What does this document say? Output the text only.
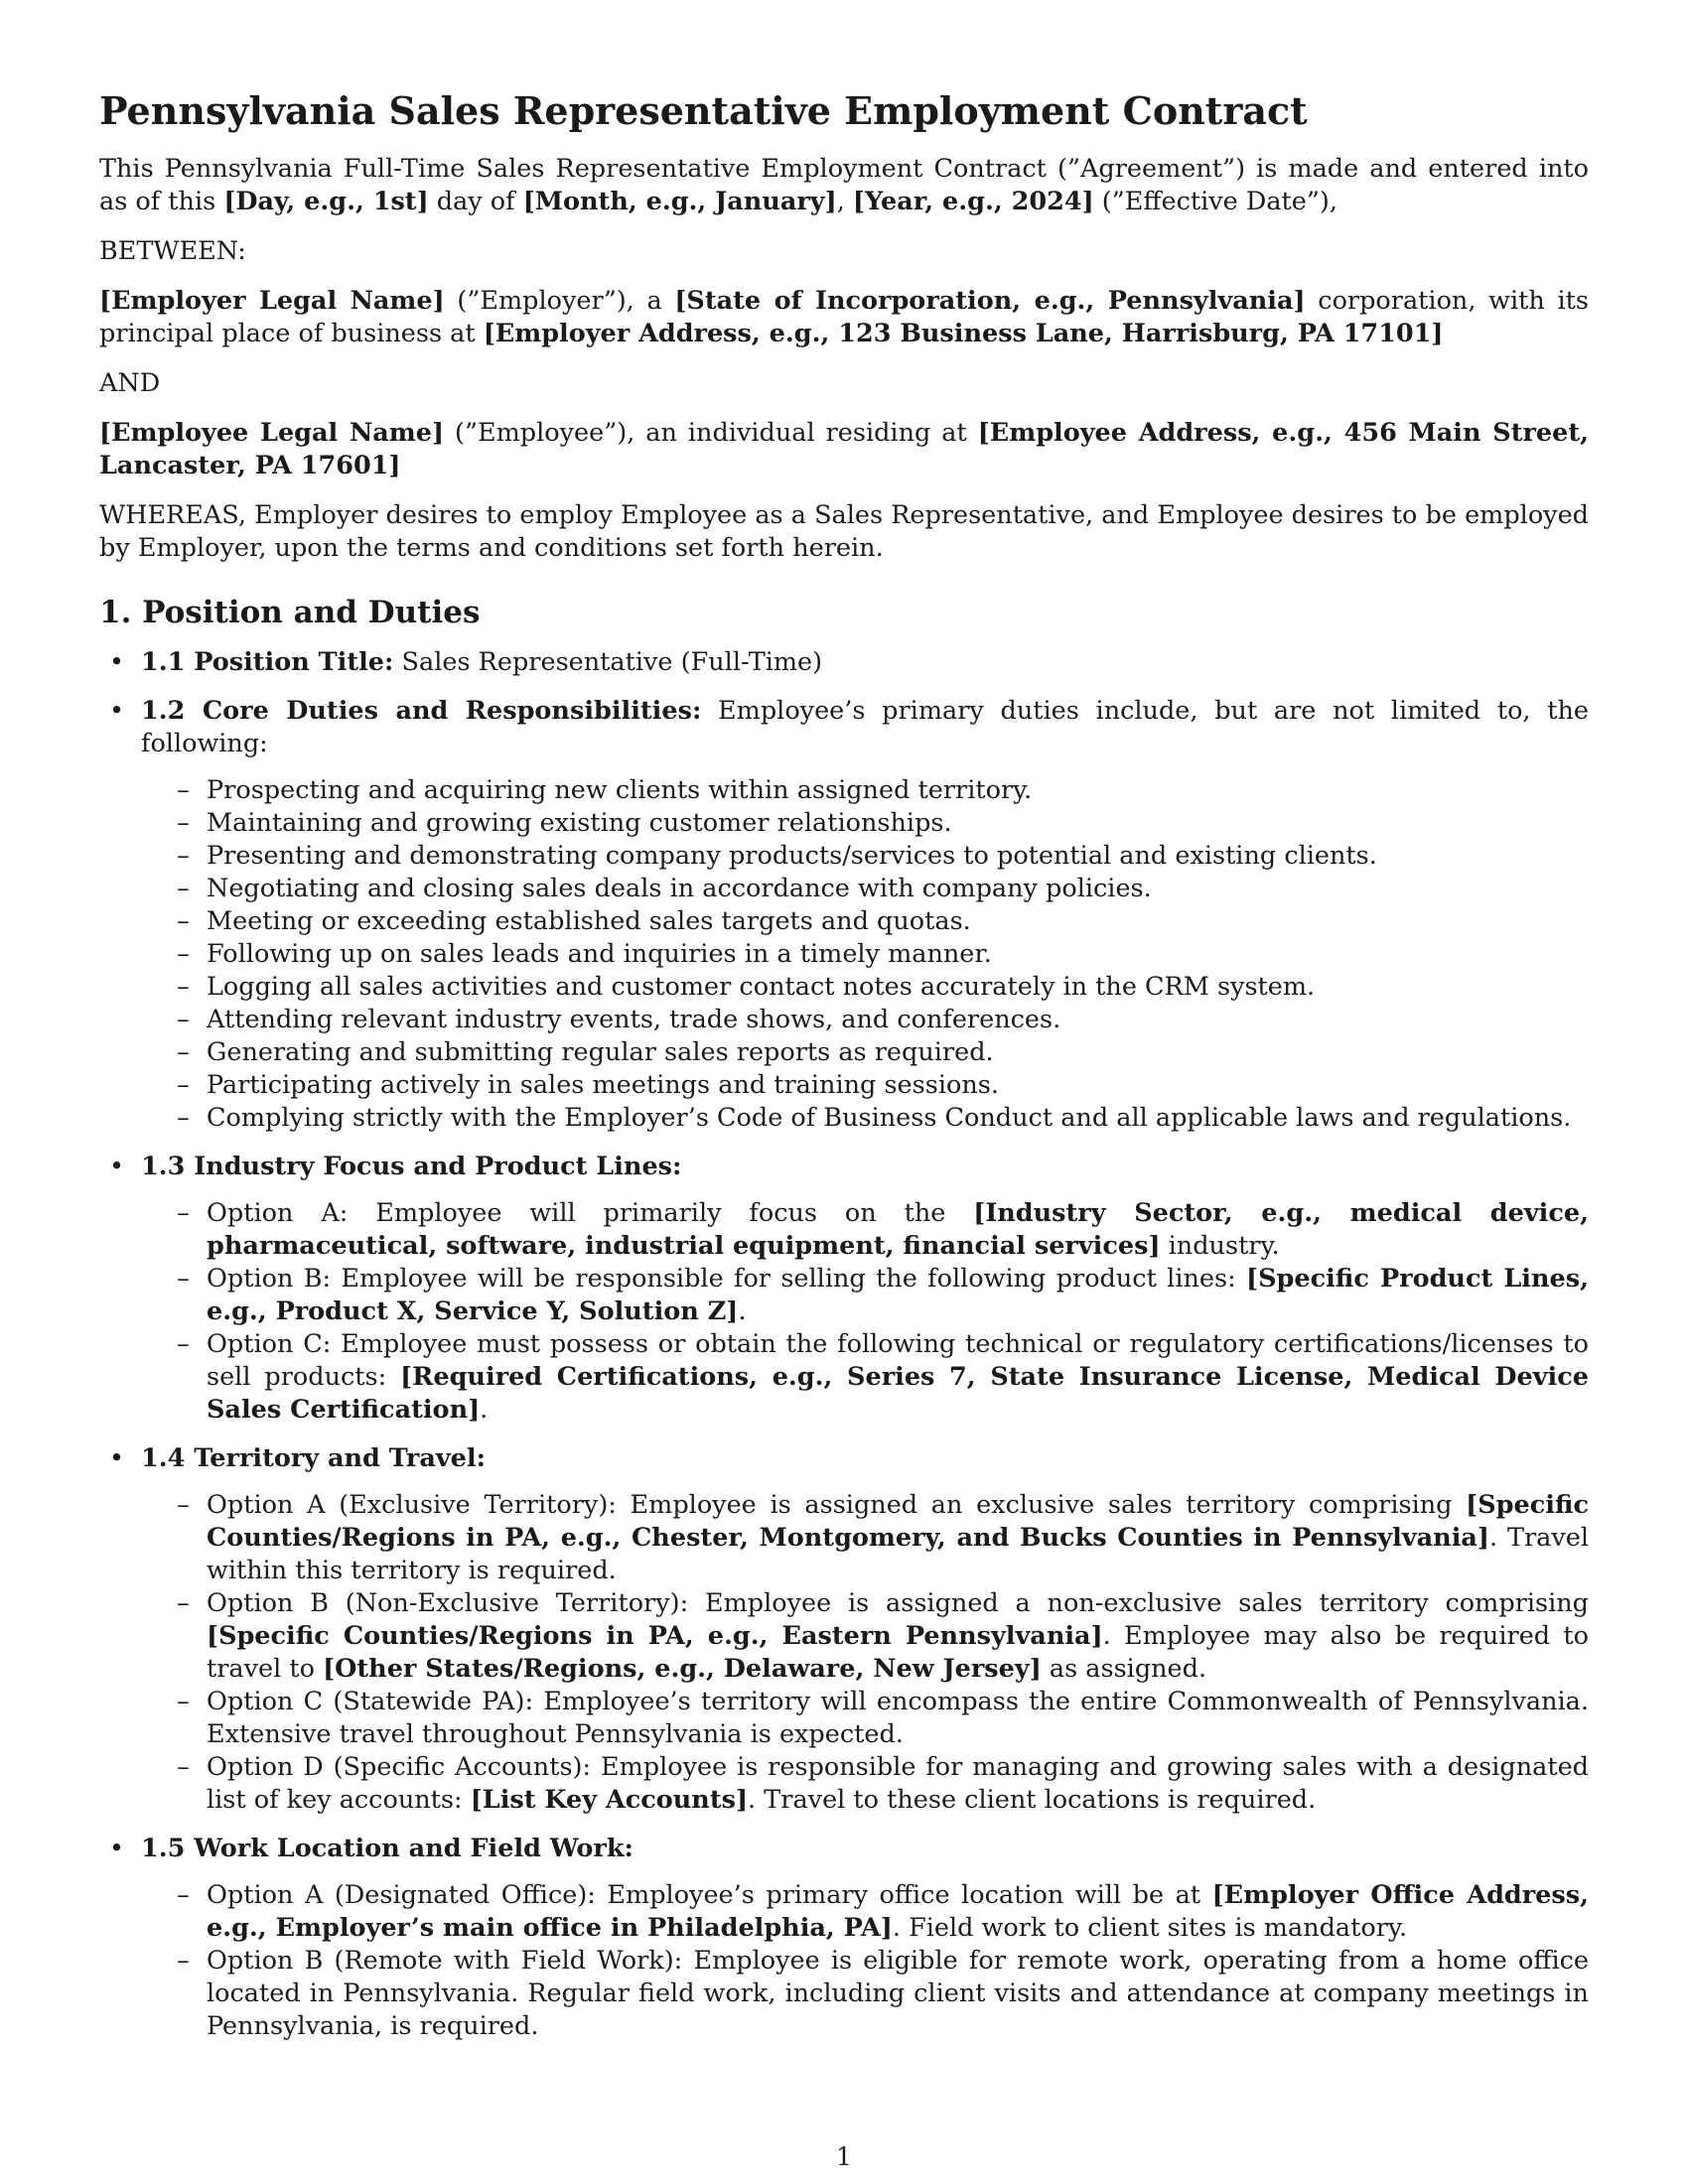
Pennsylvania Sales Representative Employment Contract

This Pennsylvania Full-Time Sales Representative Employment Contract (”Agreement”) is made and entered into as of this [Day, e.g., 1st] day of [Month, e.g., January], [Year, e.g., 2024] (”Effective Date”),

BETWEEN:

[Employer Legal Name] (”Employer”), a [State of Incorporation, e.g., Pennsylvania] corporation, with its principal place of business at [Employer Address, e.g., 123 Business Lane, Harrisburg, PA 17101]

AND

[Employee Legal Name] (”Employee”), an individual residing at [Employee Address, e.g., 456 Main Street, Lancaster, PA 17601]

WHEREAS, Employer desires to employ Employee as a Sales Representative, and Employee desires to be employed by Employer, upon the terms and conditions set forth herein.

1. Position and Duties
• 1.1 Position Title: Sales Representative (Full-Time)
• 1.2 Core Duties and Responsibilities: Employee’s primary duties include, but are not limited to, the following:
– Prospecting and acquiring new clients within assigned territory.
– Maintaining and growing existing customer relationships.
– Presenting and demonstrating company products/services to potential and existing clients.
– Negotiating and closing sales deals in accordance with company policies.
– Meeting or exceeding established sales targets and quotas.
– Following up on sales leads and inquiries in a timely manner.
– Logging all sales activities and customer contact notes accurately in the CRM system.
– Attending relevant industry events, trade shows, and conferences.
– Generating and submitting regular sales reports as required.
– Participating actively in sales meetings and training sessions.
– Complying strictly with the Employer’s Code of Business Conduct and all applicable laws and regulations.
• 1.3 Industry Focus and Product Lines:
– Option A: Employee will primarily focus on the [Industry Sector, e.g., medical device, pharmaceutical, software, industrial equipment, financial services] industry.
– Option B: Employee will be responsible for selling the following product lines: [Specific Product Lines, e.g., Product X, Service Y, Solution Z].
– Option C: Employee must possess or obtain the following technical or regulatory certifications/licenses to sell products: [Required Certifications, e.g., Series 7, State Insurance License, Medical Device Sales Certification].
• 1.4 Territory and Travel:
– Option A (Exclusive Territory): Employee is assigned an exclusive sales territory comprising [Specific Counties/Regions in PA, e.g., Chester, Montgomery, and Bucks Counties in Pennsylvania]. Travel within this territory is required.
– Option B (Non-Exclusive Territory): Employee is assigned a non-exclusive sales territory comprising [Specific Counties/Regions in PA, e.g., Eastern Pennsylvania]. Employee may also be required to travel to [Other States/Regions, e.g., Delaware, New Jersey] as assigned.
– Option C (Statewide PA): Employee’s territory will encompass the entire Commonwealth of Pennsylvania. Extensive travel throughout Pennsylvania is expected.
– Option D (Specific Accounts): Employee is responsible for managing and growing sales with a designated list of key accounts: [List Key Accounts]. Travel to these client locations is required.
• 1.5 Work Location and Field Work:
– Option A (Designated Office): Employee’s primary office location will be at [Employer Office Address, e.g., Employer’s main office in Philadelphia, PA]. Field work to client sites is mandatory.
– Option B (Remote with Field Work): Employee is eligible for remote work, operating from a home office located in Pennsylvania. Regular field work, including client visits and attendance at company meetings in Pennsylvania, is required.
1
